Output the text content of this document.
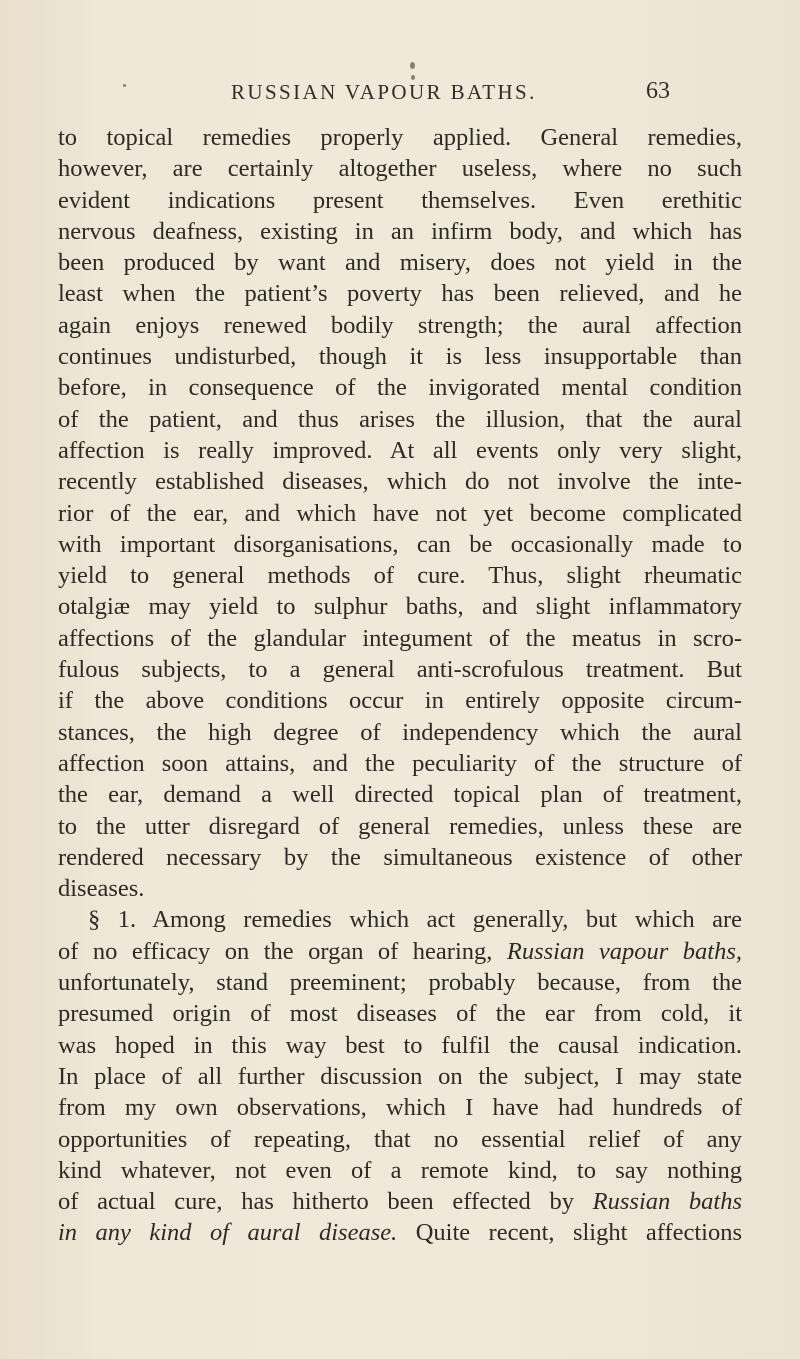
RUSSIAN VAPOUR BATHS.	63
to topical remedies properly applied. General remedies,
however, are certainly altogether useless, where no such
evident indications present themselves. Even erethitic
nervous deafness, existing in an infirm body, and which has
been produced by want and misery, does not yield in the
least when the patient’s poverty has been relieved, and he
again enjoys renewed bodily strength; the aural affection
continues undisturbed, though it is less insupportable than
before, in consequence of the invigorated mental condition
of the patient, and thus arises the illusion, that the aural
affection is really improved. At all events only very slight,
recently established diseases, which do not involve the inte-
rior of the ear, and which have not yet become complicated
with important disorganisations, can be occasionally made to
yield to general methods of cure. Thus, slight rheumatic
otalgiæ may yield to sulphur baths, and slight inflammatory
affections of the glandular integument of the meatus in scro-
fulous subjects, to a general anti-scrofulous treatment. But
if the above conditions occur in entirely opposite circum-
stances, the high degree of independency which the aural
affection soon attains, and the peculiarity of the structure of
the ear, demand a well directed topical plan of treatment,
to the utter disregard of general remedies, unless these are
rendered necessary by the simultaneous existence of other
diseases.
§ 1. Among remedies which act generally, but which are
of no efficacy on the organ of hearing, Russian vapour baths,
unfortunately, stand preeminent; probably because, from the
presumed origin of most diseases of the ear from cold, it
was hoped in this way best to fulfil the causal indication.
In place of all further discussion on the subject, I may state
from my own observations, which I have had hundreds of
opportunities of repeating, that no essential relief of any
kind whatever, not even of a remote kind, to say nothing
of actual cure, has hitherto been effected by Russian baths
in any kind of aural disease. Quite recent, slight affections
